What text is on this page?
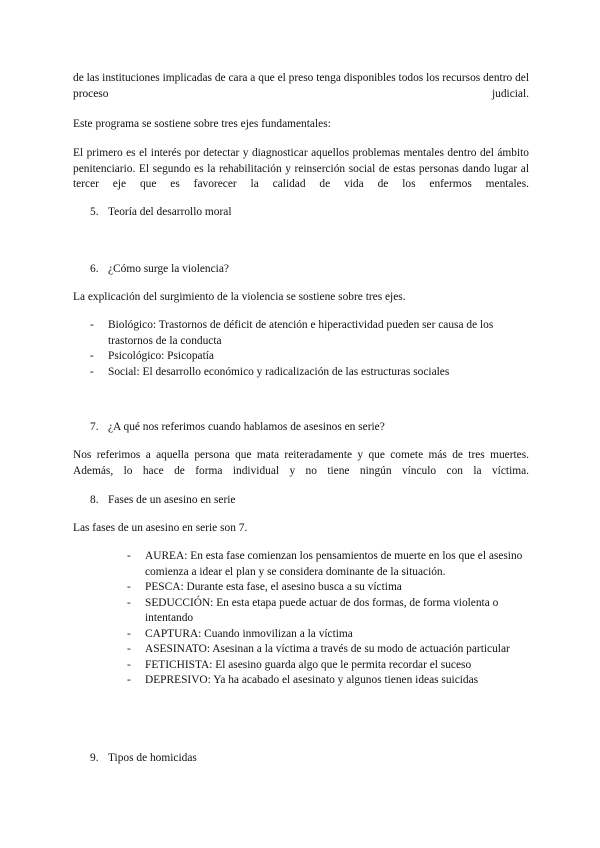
de las instituciones implicadas de cara a que el preso tenga disponibles todos los recursos dentro del proceso judicial.

Este programa se sostiene sobre tres ejes fundamentales:

El primero es el interés por detectar y diagnosticar aquellos problemas mentales dentro del ámbito penitenciario. El segundo es la rehabilitación y reinserción social de estas personas dando lugar al tercer eje que es favorecer la calidad de vida de los enfermos mentales.

5. Teoría del desarrollo moral
6. ¿Cómo surge la violencia?

La explicación del surgimiento de la violencia se sostiene sobre tres ejes.

- Biológico: Trastornos de déficit de atención e hiperactividad pueden ser causa de los trastornos de la conducta
- Psicológico: Psicopatía
- Social: El desarrollo económico y radicalización de las estructuras sociales
7. ¿A qué nos referimos cuando hablamos de asesinos en serie?

Nos referimos a aquella persona que mata reiteradamente y que comete más de tres muertes. Además, lo hace de forma individual y no tiene ningún vínculo con la víctima.

8. Fases de un asesino en serie

Las fases de un asesino en serie son 7.

- AUREA: En esta fase comienzan los pensamientos de muerte en los que el asesino comienza a idear el plan y se considera dominante de la situación.
- PESCA: Durante esta fase, el asesino busca a su víctima
- SEDUCCIÓN: En esta etapa puede actuar de dos formas, de forma violenta o intentando
- CAPTURA: Cuando inmovilizan a la víctima
- ASESINATO: Asesinan a la víctima a través de su modo de actuación particular
- FETICHISTA: El asesino guarda algo que le permita recordar el suceso
- DEPRESIVO: Ya ha acabado el asesinato y algunos tienen ideas suicidas
9. Tipos de homicidas
